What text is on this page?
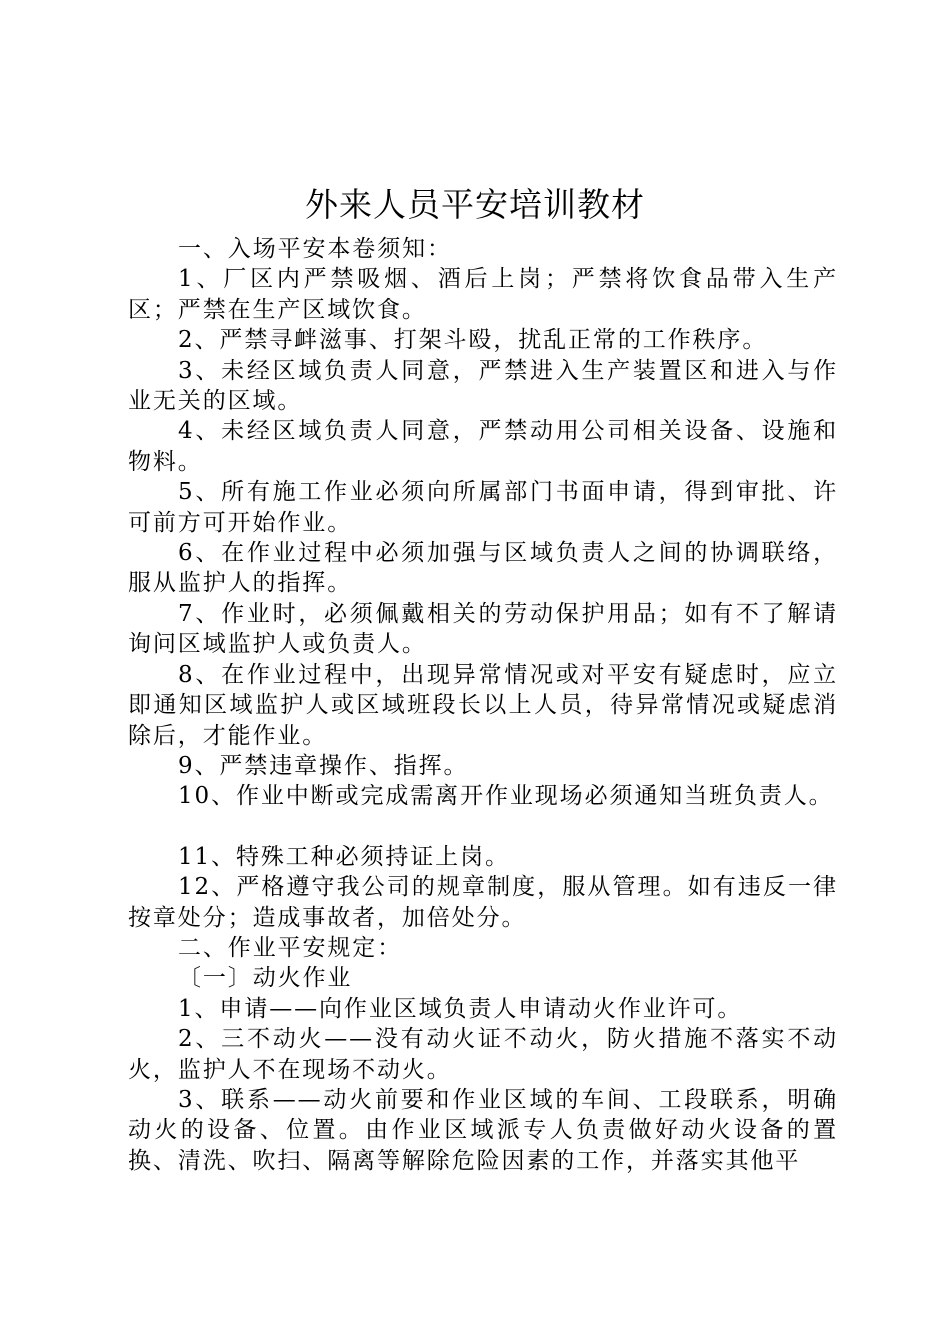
外来人员平安培训教材

一、入场平安本卷须知：

1、厂区内严禁吸烟、酒后上岗；严禁将饮食品带入生产区；严禁在生产区域饮食。

2、严禁寻衅滋事、打架斗殴，扰乱正常的工作秩序。

3、未经区域负责人同意，严禁进入生产装置区和进入与作业无关的区域。

4、未经区域负责人同意，严禁动用公司相关设备、设施和物料。

5、所有施工作业必须向所属部门书面申请，得到审批、许可前方可开始作业。

6、在作业过程中必须加强与区域负责人之间的协调联络，服从监护人的指挥。

7、作业时，必须佩戴相关的劳动保护用品；如有不了解请询问区域监护人或负责人。

8、在作业过程中，出现异常情况或对平安有疑虑时，应立即通知区域监护人或区域班段长以上人员，待异常情况或疑虑消除后，才能作业。

9、严禁违章操作、指挥。

10、作业中断或完成需离开作业现场必须通知当班负责人。

11、特殊工种必须持证上岗。

12、严格遵守我公司的规章制度，服从管理。如有违反一律按章处分；造成事故者，加倍处分。

二、作业平安规定：

〔一〕动火作业

1、申请——向作业区域负责人申请动火作业许可。

2、三不动火——没有动火证不动火，防火措施不落实不动火，监护人不在现场不动火。

3、联系——动火前要和作业区域的车间、工段联系，明确动火的设备、位置。由作业区域派专人负责做好动火设备的置换、清洗、吹扫、隔离等解除危险因素的工作，并落实其他平
